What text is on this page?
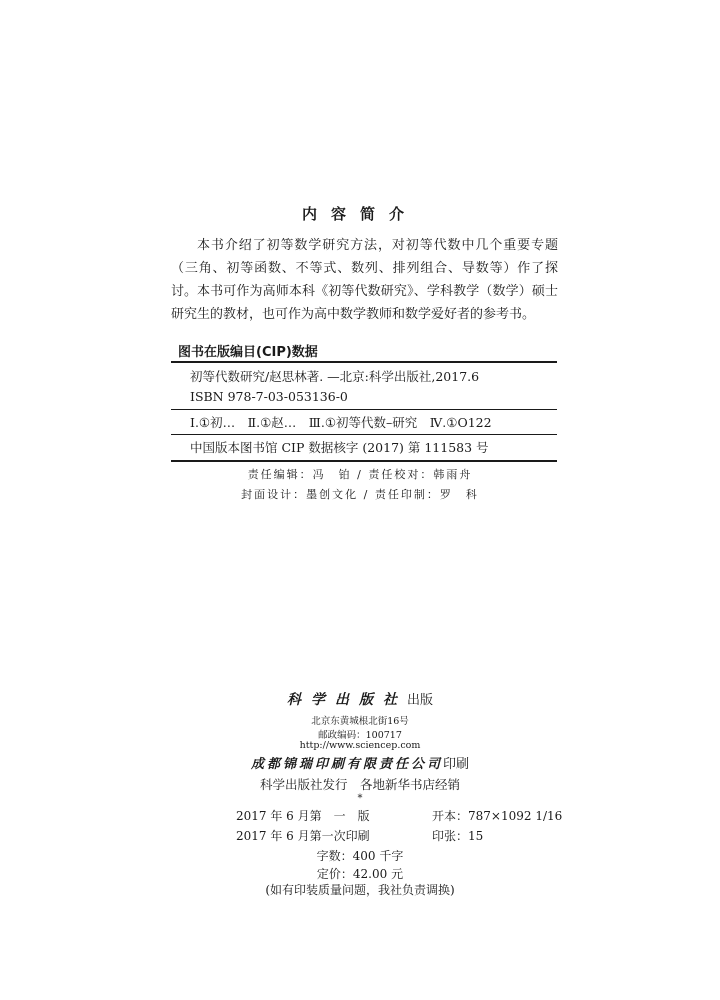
内容简介
本书介绍了初等数学研究方法，对初等代数中几个重要专题（三角、初等函数、不等式、数列、排列组合、导数等）作了探讨。 本书可作为高师本科《初等代数研究》、学科教学（数学）硕士研究生的教材，也可作为高中数学教师和数学爱好者的参考书。
图书在版编目(CIP)数据
初等代数研究/赵思林著. —北京:科学出版社,2017.6
ISBN 978-7-03-053136-0
Ⅰ.①初…　Ⅱ.①赵…　Ⅲ.①初等代数–研究　Ⅳ.①O122
中国版本图书馆 CIP 数据核字 (2017) 第 111583 号
责任编辑：冯　铂 / 责任校对：韩雨舟
封面设计：墨创文化 / 责任印制：罗　科
科学出版社出版
北京东黄城根北街16号
邮政编码：100717
http://www.sciencep.com
成都锦瑞印刷有限责任公司印刷
科学出版社发行　各地新华书店经销
*
2017 年 6 月第　一　版	开本：787×1092 1/16
2017 年 6 月第一次印刷	印张：15
字数：400 千字
定价：42.00 元
(如有印装质量问题，我社负责调换)
